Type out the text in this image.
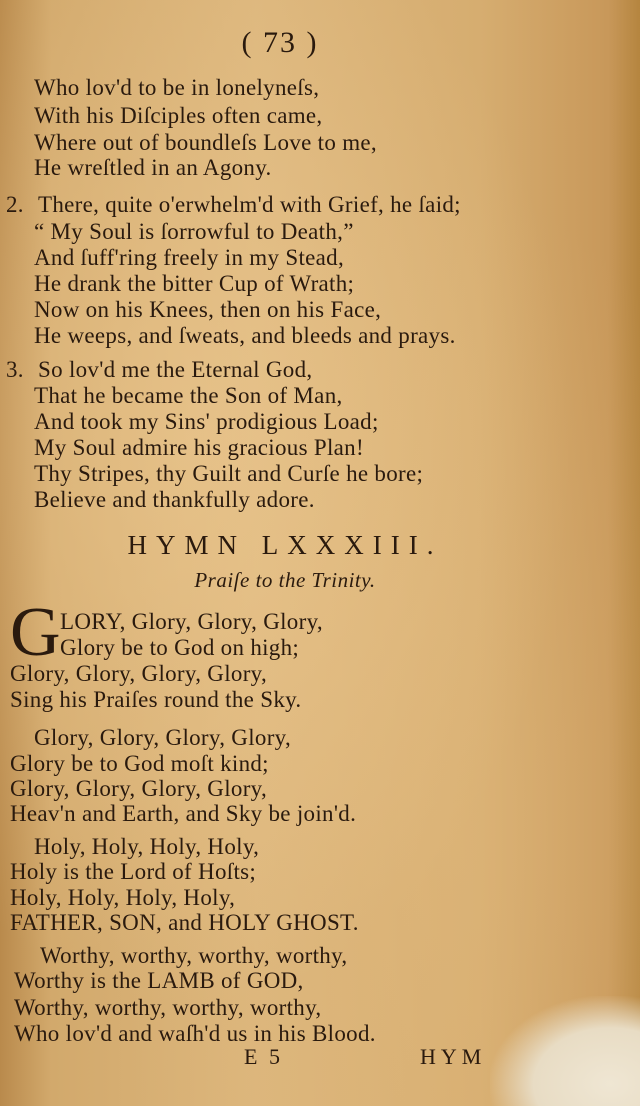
( 73 )
Who lov'd to be in lonelyneſs,
With his Diſciples often came,
Where out of boundleſs Love to me,
He wreſtled in an Agony.
2. There, quite o'erwhelm'd with Grief, he ſaid;
“ My Soul is ſorrowful to Death,”
And ſuff'ring freely in my Stead,
He drank the bitter Cup of Wrath;
Now on his Knees, then on his Face,
He weeps, and ſweats, and bleeds and prays.
3. So lov'd me the Eternal God,
That he became the Son of Man,
And took my Sins' prodigious Load;
My Soul admire his gracious Plan!
Thy Stripes, thy Guilt and Curſe he bore;
Believe and thankfully adore.
HYMN LXXXIII.
Praiſe to the Trinity.
G LORY, Glory, Glory, Glory,
Glory be to God on high;
Glory, Glory, Glory, Glory,
Sing his Praiſes round the Sky.
Glory, Glory, Glory, Glory,
Glory be to God moſt kind;
Glory, Glory, Glory, Glory,
Heav'n and Earth, and Sky be join'd.
Holy, Holy, Holy, Holy,
Holy is the Lord of Hoſts;
Holy, Holy, Holy, Holy,
FATHER, SON, and HOLY GHOST.
Worthy, worthy, worthy, worthy,
Worthy is the LAMB of GOD,
Worthy, worthy, worthy, worthy,
Who lov'd and waſh'd us in his Blood.
E 5	HYM
